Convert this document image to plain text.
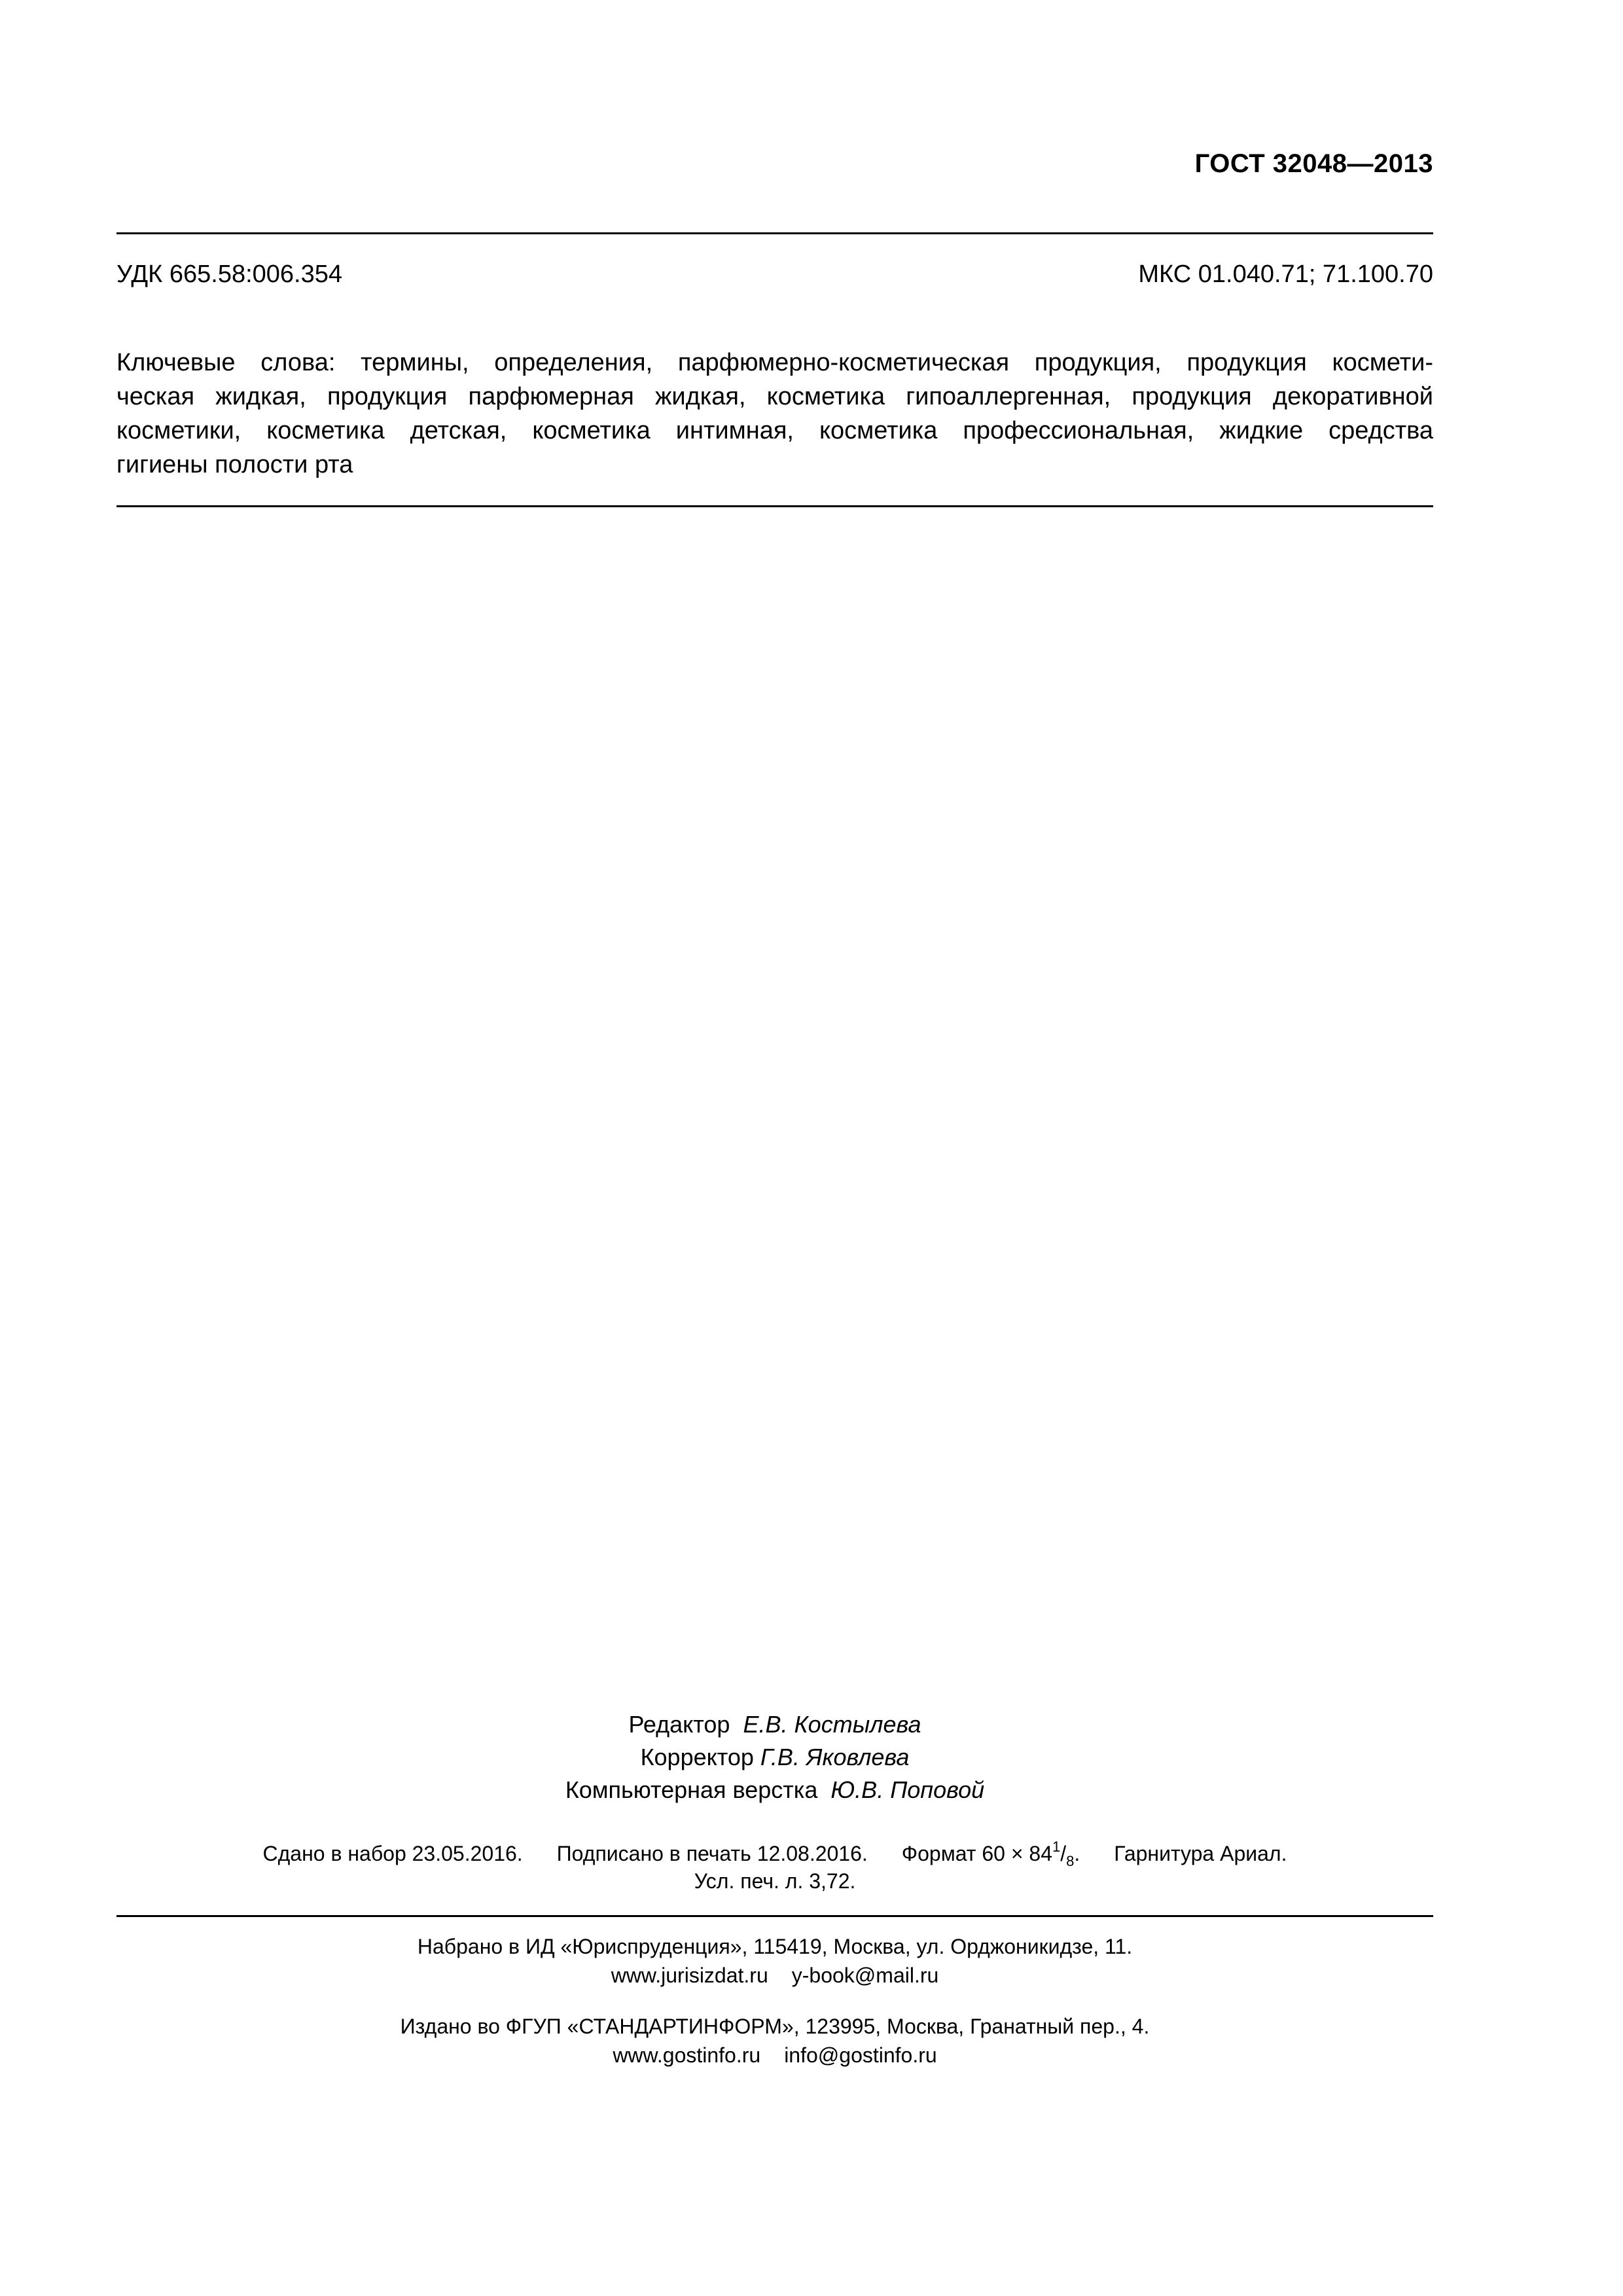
ГОСТ 32048—2013
УДК 665.58:006.354	МКС 01.040.71; 71.100.70
Ключевые слова: термины, определения, парфюмерно-косметическая продукция, продукция космети-
ческая жидкая, продукция парфюмерная жидкая, косметика гипоаллергенная, продукция декоративной
косметики, косметика детская, косметика интимная, косметика профессиональная, жидкие средства
гигиены полости рта
Редактор Е.В. Костылева
Корректор Г.В. Яковлева
Компьютерная верстка Ю.В. Поповой
Сдано в набор 23.05.2016. Подписано в печать 12.08.2016. Формат $60 \times 84^1/_8$. Гарнитура Ариал.
Усл. печ. л. 3,72.
Набрано в ИД «Юриспруденция», 115419, Москва, ул. Орджоникидзе, 11.
www.jurisizdat.ru y-book@mail.ru
Издано во ФГУП «СТАНДАРТИНФОРМ», 123995, Москва, Гранатный пер., 4.
www.gostinfo.ru info@gostinfo.ru
